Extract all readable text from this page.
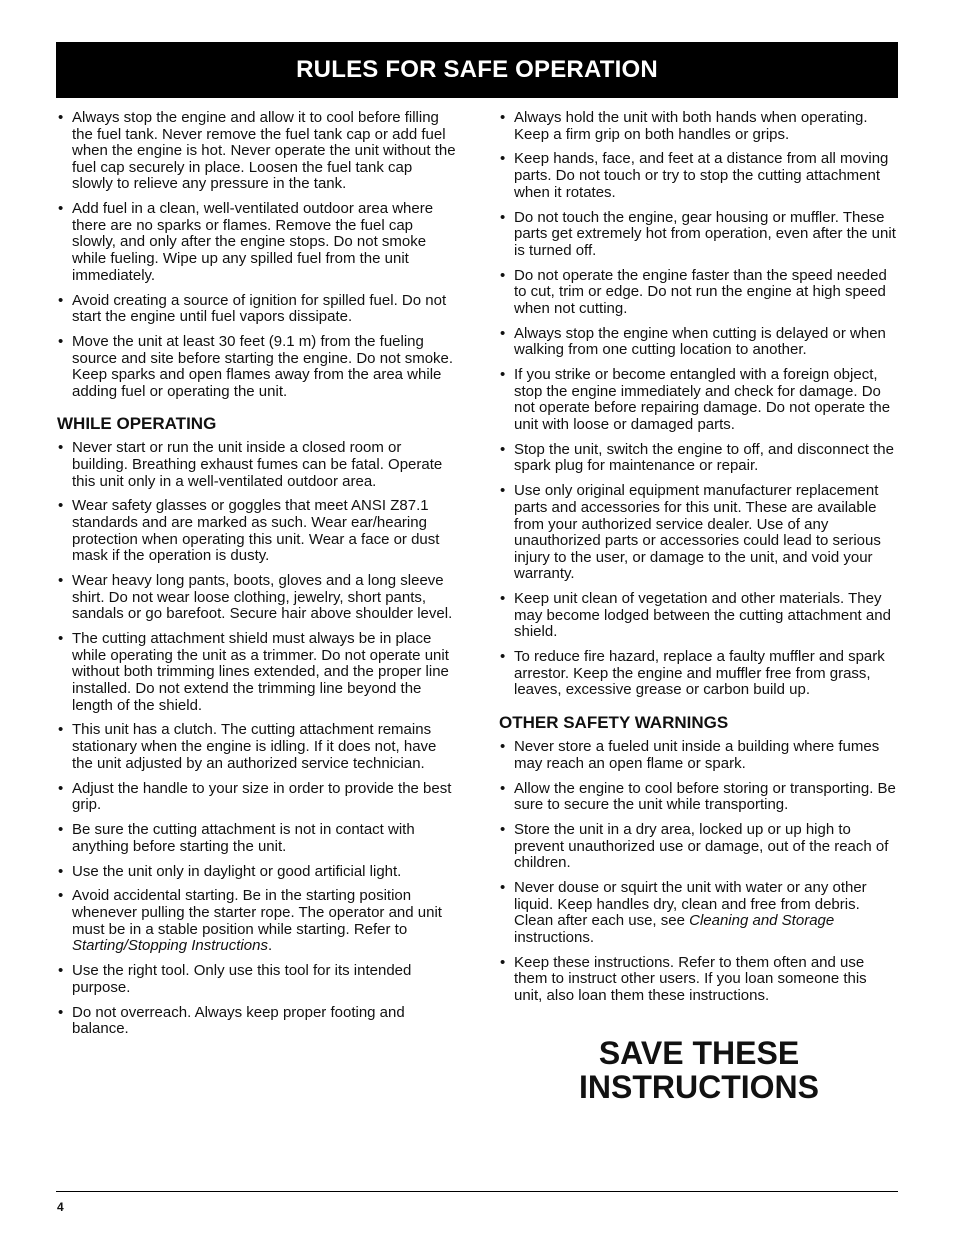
RULES FOR SAFE OPERATION
• Always stop the engine and allow it to cool before filling the fuel tank. Never remove the fuel tank cap or add fuel when the engine is hot. Never operate the unit without the fuel cap securely in place. Loosen the fuel tank cap slowly to relieve any pressure in the tank.
• Add fuel in a clean, well-ventilated outdoor area where there are no sparks or flames. Remove the fuel cap slowly, and only after the engine stops. Do not smoke while fueling. Wipe up any spilled fuel from the unit immediately.
• Avoid creating a source of ignition for spilled fuel. Do not start the engine until fuel vapors dissipate.
• Move the unit at least 30 feet (9.1 m) from the fueling source and site before starting the engine. Do not smoke. Keep sparks and open flames away from the area while adding fuel or operating the unit.
WHILE OPERATING
• Never start or run the unit inside a closed room or building. Breathing exhaust fumes can be fatal. Operate this unit only in a well-ventilated outdoor area.
• Wear safety glasses or goggles that meet ANSI Z87.1 standards and are marked as such. Wear ear/hearing protection when operating this unit. Wear a face or dust mask if the operation is dusty.
• Wear heavy long pants, boots, gloves and a long sleeve shirt. Do not wear loose clothing, jewelry, short pants, sandals or go barefoot. Secure hair above shoulder level.
• The cutting attachment shield must always be in place while operating the unit as a trimmer. Do not operate unit without both trimming lines extended, and the proper line installed. Do not extend the trimming line beyond the length of the shield.
• This unit has a clutch. The cutting attachment remains stationary when the engine is idling. If it does not, have the unit adjusted by an authorized service technician.
• Adjust the handle to your size in order to provide the best grip.
• Be sure the cutting attachment is not in contact with anything before starting the unit.
• Use the unit only in daylight or good artificial light.
• Avoid accidental starting. Be in the starting position whenever pulling the starter rope. The operator and unit must be in a stable position while starting. Refer to Starting/Stopping Instructions.
• Use the right tool. Only use this tool for its intended purpose.
• Do not overreach. Always keep proper footing and balance.
• Always hold the unit with both hands when operating. Keep a firm grip on both handles or grips.
• Keep hands, face, and feet at a distance from all moving parts. Do not touch or try to stop the cutting attachment when it rotates.
• Do not touch the engine, gear housing or muffler. These parts get extremely hot from operation, even after the unit is turned off.
• Do not operate the engine faster than the speed needed to cut, trim or edge. Do not run the engine at high speed when not cutting.
• Always stop the engine when cutting is delayed or when walking from one cutting location to another.
• If you strike or become entangled with a foreign object, stop the engine immediately and check for damage. Do not operate before repairing damage. Do not operate the unit with loose or damaged parts.
• Stop the unit, switch the engine to off, and disconnect the spark plug for maintenance or repair.
• Use only original equipment manufacturer replacement parts and accessories for this unit. These are available from your authorized service dealer. Use of any unauthorized parts or accessories could lead to serious injury to the user, or damage to the unit, and void your warranty.
• Keep unit clean of vegetation and other materials. They may become lodged between the cutting attachment and shield.
• To reduce fire hazard, replace a faulty muffler and spark arrestor. Keep the engine and muffler free from grass, leaves, excessive grease or carbon build up.
OTHER SAFETY WARNINGS
• Never store a fueled unit inside a building where fumes may reach an open flame or spark.
• Allow the engine to cool before storing or transporting. Be sure to secure the unit while transporting.
• Store the unit in a dry area, locked up or up high to prevent unauthorized use or damage, out of the reach of children.
• Never douse or squirt the unit with water or any other liquid. Keep handles dry, clean and free from debris. Clean after each use, see Cleaning and Storage instructions.
• Keep these instructions. Refer to them often and use them to instruct other users. If you loan someone this unit, also loan them these instructions.
SAVE THESE
INSTRUCTIONS
4
